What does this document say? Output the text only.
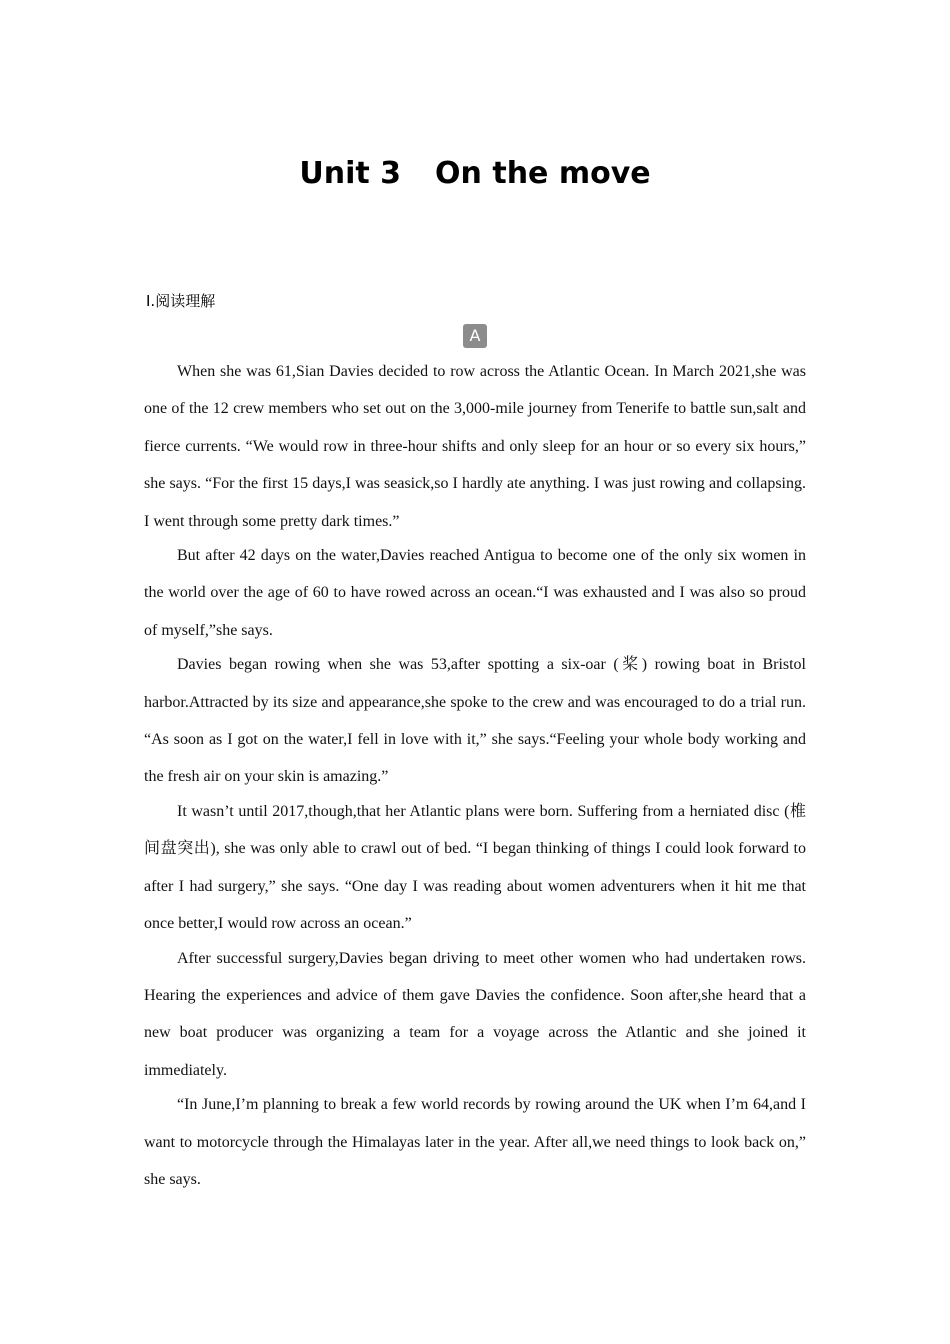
Unit 3 On the move
Ⅰ.阅读理解
A

When she was 61,Sian Davies decided to row across the Atlantic Ocean. In March 2021,she was one of the 12 crew members who set out on the 3,000-mile journey from Tenerife to battle sun,salt and fierce currents. “We would row in three-hour shifts and only sleep for an hour or so every six hours,” she says. “For the first 15 days,I was seasick,so I hardly ate anything. I was just rowing and collapsing. I went through some pretty dark times.”

But after 42 days on the water,Davies reached Antigua to become one of the only six women in the world over the age of 60 to have rowed across an ocean.“I was exhausted and I was also so proud of myself,”she says.

Davies began rowing when she was 53,after spotting a six-oar (桨) rowing boat in Bristol harbor.Attracted by its size and appearance,she spoke to the crew and was encouraged to do a trial run. “As soon as I got on the water,I fell in love with it,” she says.“Feeling your whole body working and the fresh air on your skin is amazing.”

It wasn’t until 2017,though,that her Atlantic plans were born. Suffering from a herniated disc (椎间盘突出), she was only able to crawl out of bed. “I began thinking of things I could look forward to after I had surgery,” she says. “One day I was reading about women adventurers when it hit me that once better,I would row across an ocean.”

After successful surgery,Davies began driving to meet other women who had undertaken rows. Hearing the experiences and advice of them gave Davies the confidence. Soon after,she heard that a new boat producer was organizing a team for a voyage across the Atlantic and she joined it immediately.

“In June,I’m planning to break a few world records by rowing around the UK when I’m 64,and I want to motorcycle through the Himalayas later in the year. After all,we need things to look back on,” she says.
